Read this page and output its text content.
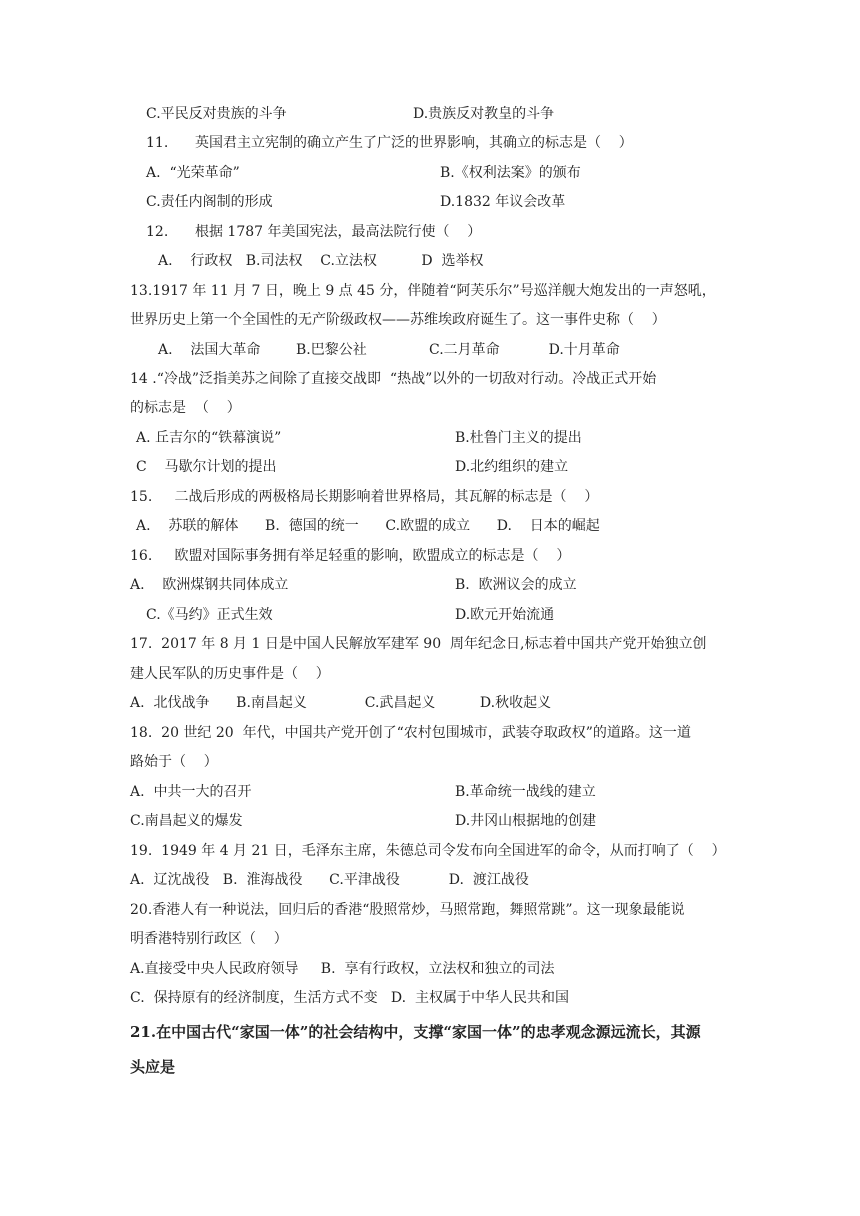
C.平民反对贵族的斗争	D.贵族反对教皇的斗争
11.      英国君主立宪制的确立产生了广泛的世界影响，其确立的标志是（    ）
A.  “光荣革命”	B.《权利法案》的颁布
C.责任内阁制的形成	D.1832 年议会改革
12.      根据 1787 年美国宪法，最高法院行使（    ）
A.    行政权   B.司法权    C.立法权          D  选举权
13.1917 年 11 月 7 日，晚上 9 点 45 分，伴随着“阿芙乐尔”号巡洋舰大炮发出的一声怒吼，
世界历史上第一个全国性的无产阶级政权——苏维埃政府诞生了。这一事件史称（    ）
A.    法国大革命        B.巴黎公社              C.二月革命           D.十月革命
14 .“冷战”泛指美苏之间除了直接交战即  “热战”以外的一切敌对行动。冷战正式开始
的标志是  （    ）
A. 丘吉尔的“铁幕演说”	B.杜鲁门主义的提出
C    马歇尔计划的提出	D.北约组织的建立
15.     二战后形成的两极格局长期影响着世界格局，其瓦解的标志是（    ）
A.    苏联的解体      B.  德国的统一      C.欧盟的成立      D.    日本的崛起
16.     欧盟对国际事务拥有举足轻重的影响，欧盟成立的标志是（    ）
A.    欧洲煤钢共同体成立	B.  欧洲议会的成立
C.《马约》正式生效	D.欧元开始流通
17.  2017 年 8 月 1 日是中国人民解放军建军 90  周年纪念日,标志着中国共产党开始独立创
建人民军队的历史事件是（    ）
A.  北伐战争      B.南昌起义             C.武昌起义          D.秋收起义
18.  20 世纪 20  年代，中国共产党开创了“农村包围城市，武装夺取政权”的道路。这一道
路始于（    ）
A.  中共一大的召开	B.革命统一战线的建立
C.南昌起义的爆发	D.井冈山根据地的创建
19.  1949 年 4 月 21 日，毛泽东主席，朱德总司令发布向全国进军的命令，从而打响了（    ）
A.  辽沈战役   B.  淮海战役      C.平津战役           D.  渡江战役
20.香港人有一种说法，回归后的香港“股照常炒，马照常跑，舞照常跳”。这一现象最能说
明香港特别行政区（    ）
A.直接受中央人民政府领导     B.  享有行政权，立法权和独立的司法
C.  保持原有的经济制度，生活方式不变   D.  主权属于中华人民共和国
21.在中国古代“家国一体”的社会结构中，支撑“家国一体”的忠孝观念源远流长，其源
头应是
